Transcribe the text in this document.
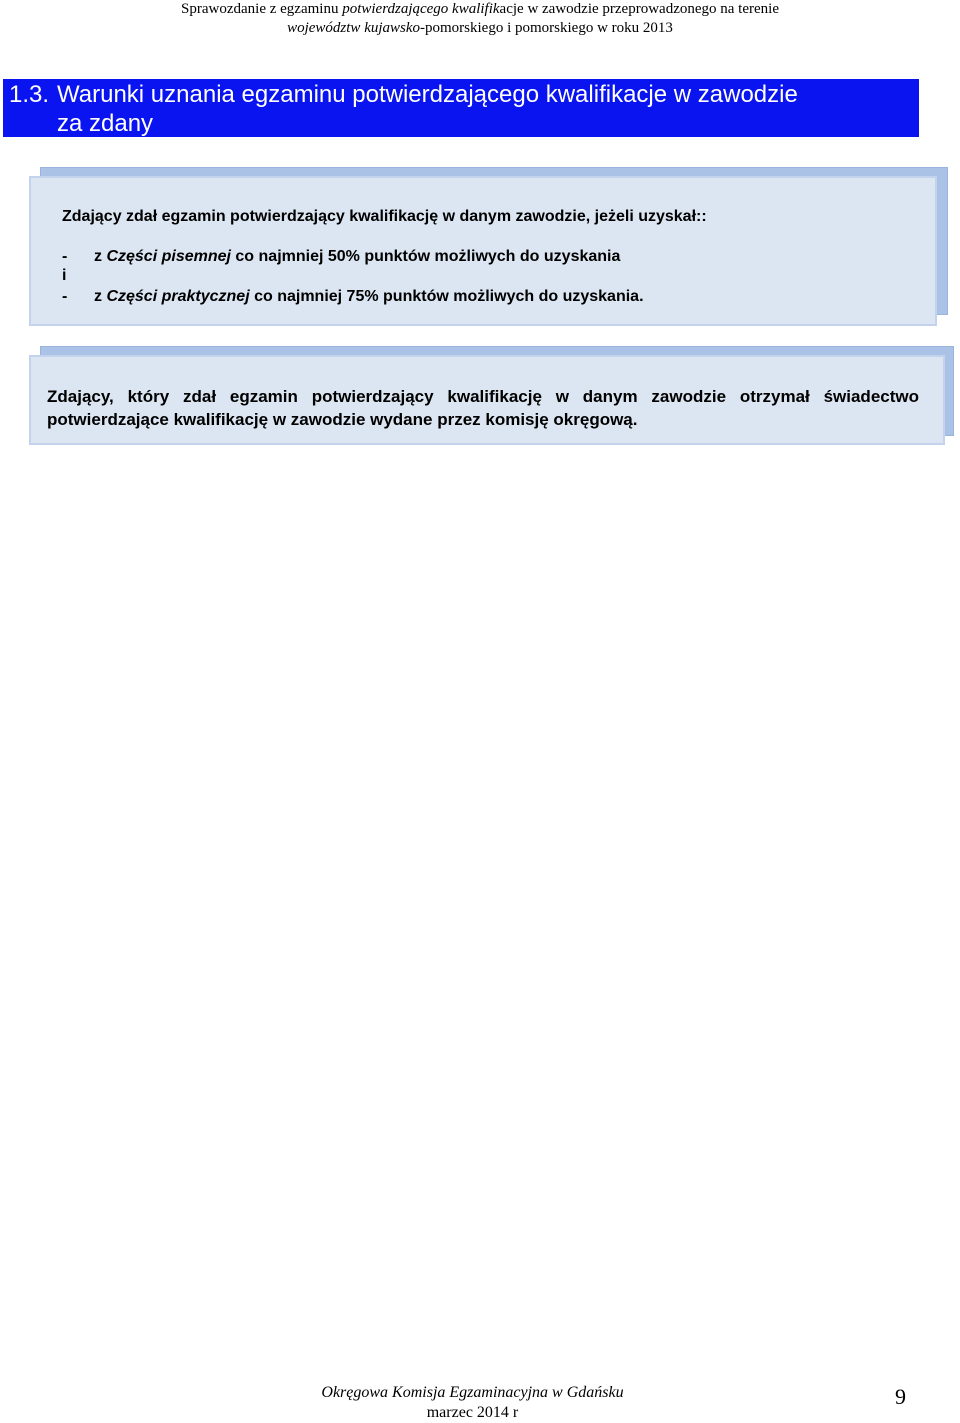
Sprawozdanie z egzaminu potwierdzającego kwalifikacje w zawodzie przeprowadzonego na terenie
województw kujawsko-pomorskiego i pomorskiego w roku 2013
1.3. Warunki uznania egzaminu potwierdzającego kwalifikacje w zawodzie
za zdany
Zdający zdał egzamin potwierdzający kwalifikację w danym zawodzie, jeżeli uzyskał::
- z Części pisemnej co najmniej 50% punktów możliwych do uzyskania
i
- z Części praktycznej co najmniej 75% punktów możliwych do uzyskania.
Zdający, który zdał egzamin potwierdzający kwalifikację w danym zawodzie otrzymał świadectwo potwierdzające kwalifikację w zawodzie wydane przez komisję okręgową.
Okręgowa Komisja Egzaminacyjna w Gdańsku
marzec 2014 r
9
